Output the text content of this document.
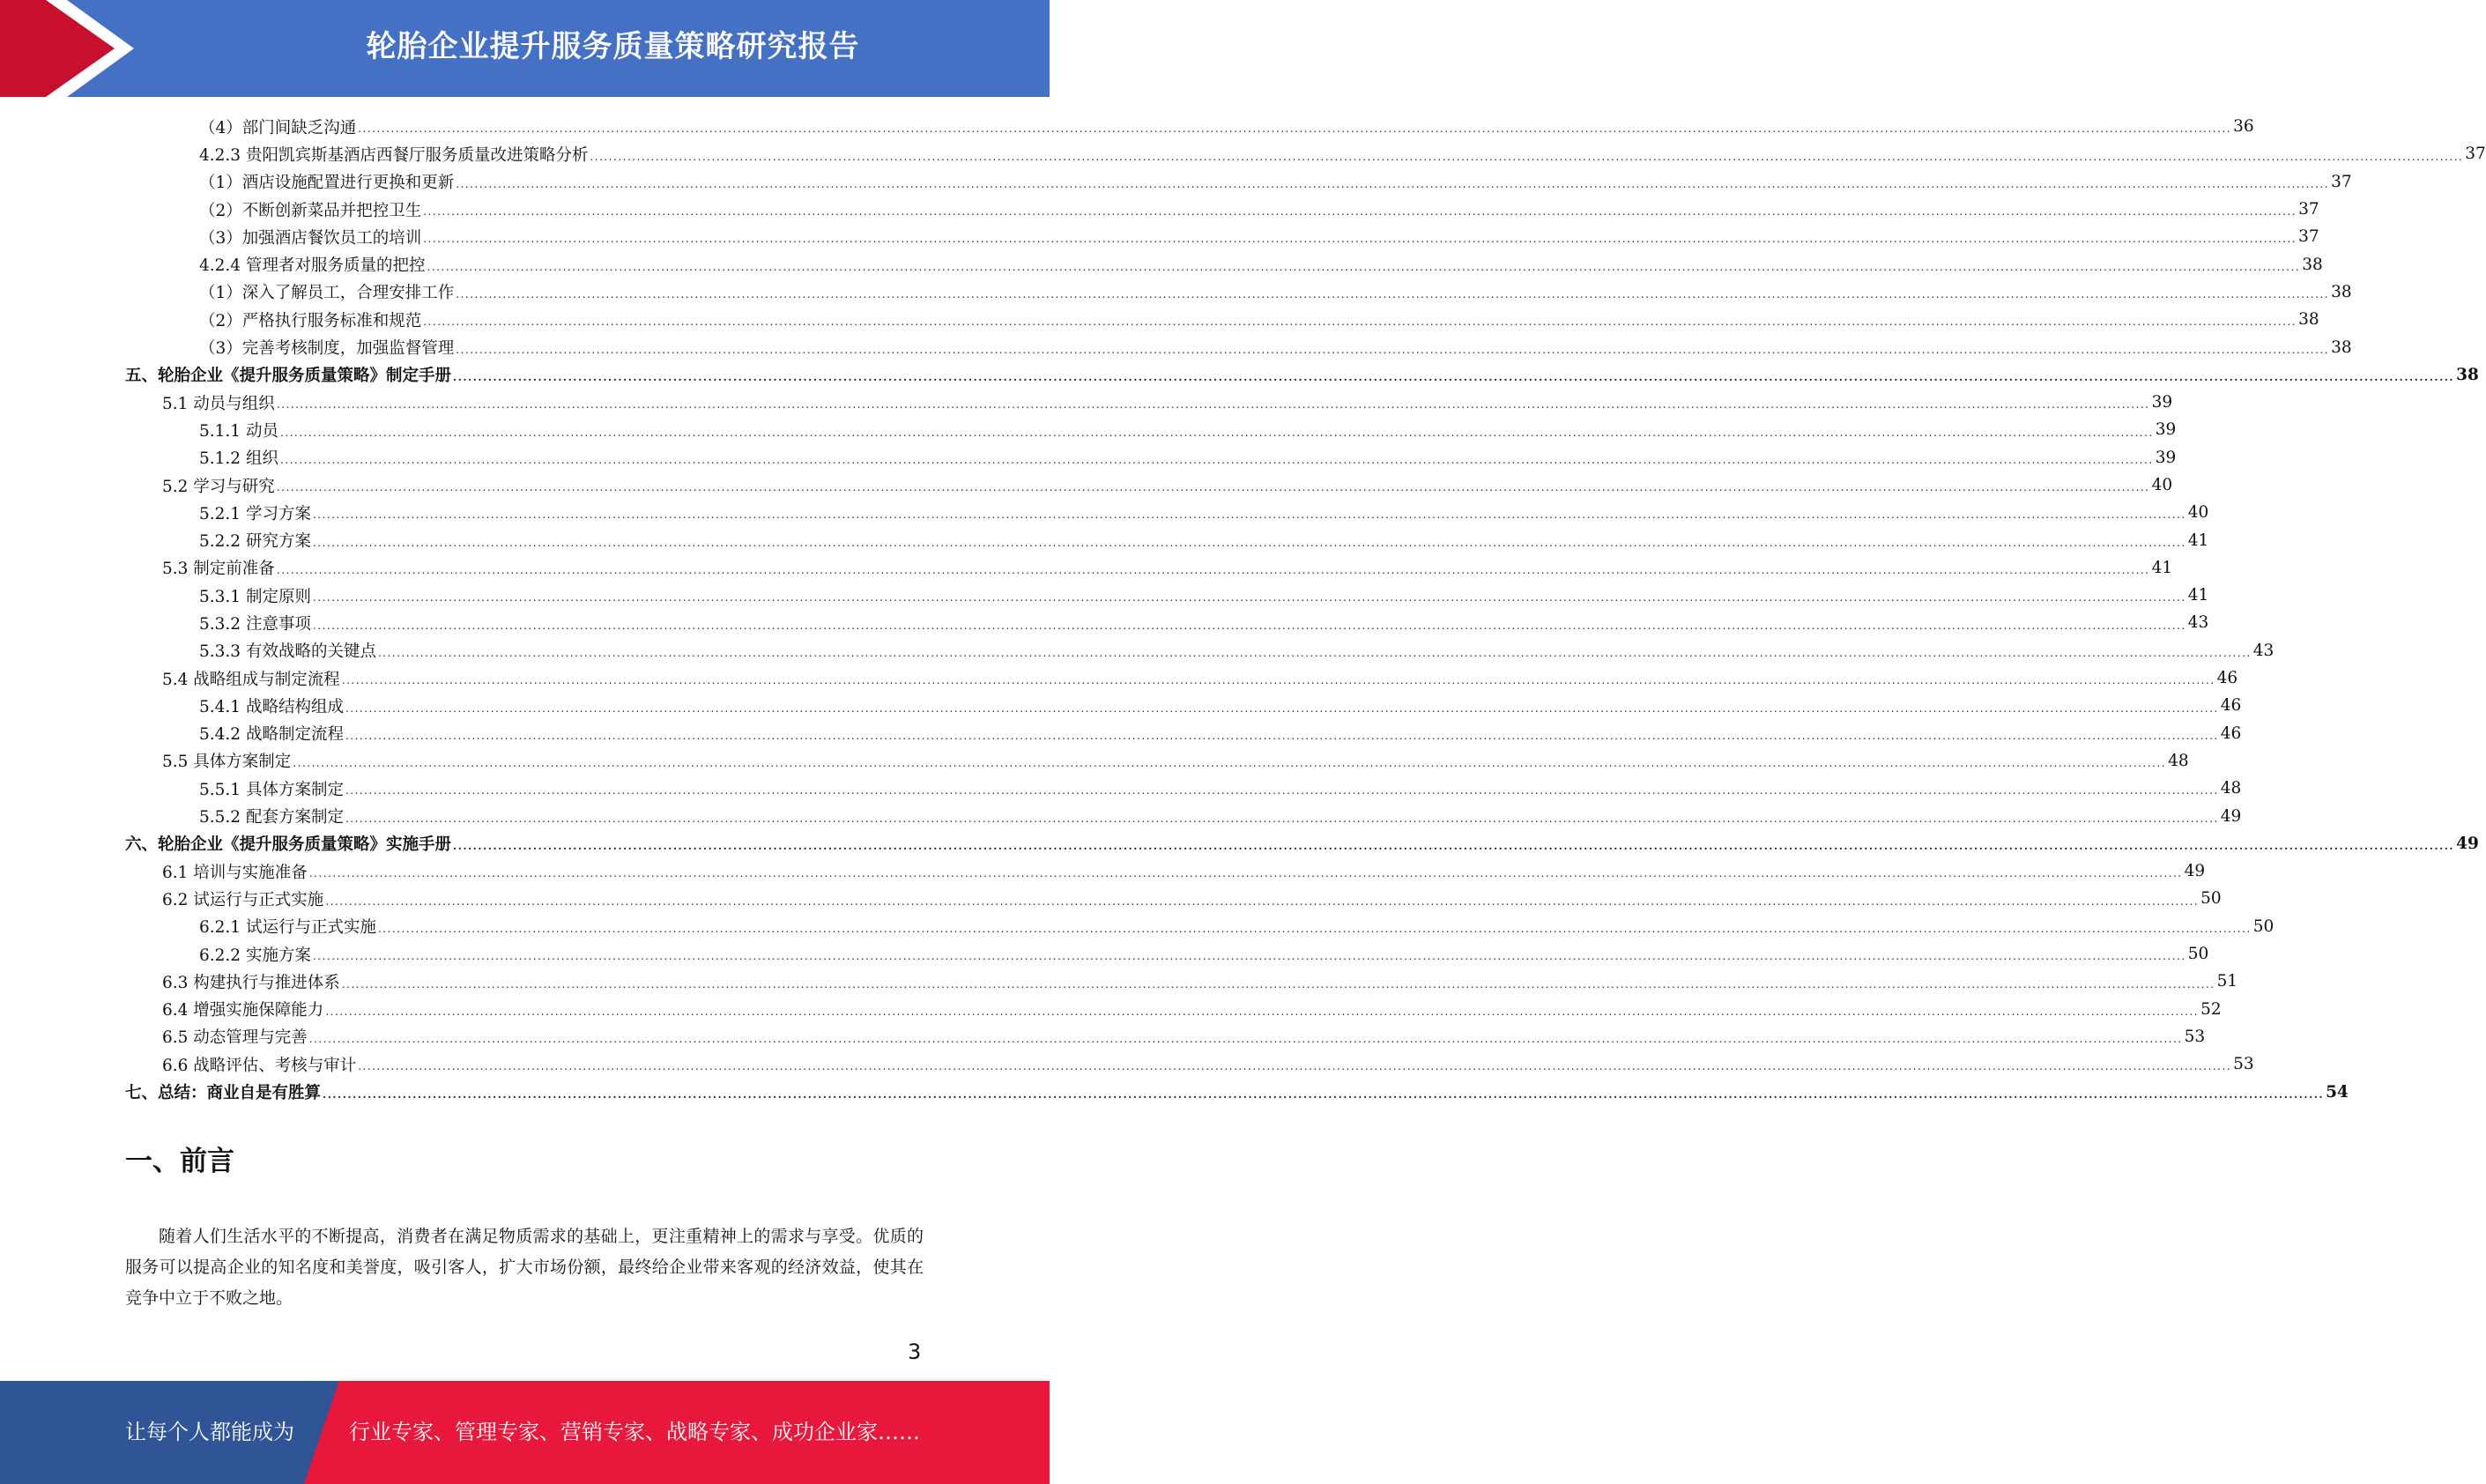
轮胎企业提升服务质量策略研究报告
（4）部门间缺乏沟通 ................................................................................................................................................................................................................................................................................................................................................................................................................ 36
4.2.3 贵阳凯宾斯基酒店西餐厅服务质量改进策略分析 ................................................................................................................................................................................................................................................................................................................................................................................................................ 37
（1）酒店设施配置进行更换和更新 ................................................................................................................................................................................................................................................................................................................................................................................................................ 37
（2）不断创新菜品并把控卫生 ................................................................................................................................................................................................................................................................................................................................................................................................................ 37
（3）加强酒店餐饮员工的培训 ................................................................................................................................................................................................................................................................................................................................................................................................................ 37
4.2.4 管理者对服务质量的把控 ................................................................................................................................................................................................................................................................................................................................................................................................................ 38
（1）深入了解员工，合理安排工作 ................................................................................................................................................................................................................................................................................................................................................................................................................ 38
（2）严格执行服务标准和规范 ................................................................................................................................................................................................................................................................................................................................................................................................................ 38
（3）完善考核制度，加强监督管理 ................................................................................................................................................................................................................................................................................................................................................................................................................ 38
五、轮胎企业《提升服务质量策略》制定手册 ................................................................................................................................................................................................................................................................................................................................................................................................................ 38
5.1 动员与组织 ................................................................................................................................................................................................................................................................................................................................................................................................................ 39
5.1.1 动员 ................................................................................................................................................................................................................................................................................................................................................................................................................ 39
5.1.2 组织 ................................................................................................................................................................................................................................................................................................................................................................................................................ 39
5.2 学习与研究 ................................................................................................................................................................................................................................................................................................................................................................................................................ 40
5.2.1 学习方案 ................................................................................................................................................................................................................................................................................................................................................................................................................ 40
5.2.2 研究方案 ................................................................................................................................................................................................................................................................................................................................................................................................................ 41
5.3 制定前准备 ................................................................................................................................................................................................................................................................................................................................................................................................................ 41
5.3.1 制定原则 ................................................................................................................................................................................................................................................................................................................................................................................................................ 41
5.3.2 注意事项 ................................................................................................................................................................................................................................................................................................................................................................................................................ 43
5.3.3 有效战略的关键点 ................................................................................................................................................................................................................................................................................................................................................................................................................ 43
5.4 战略组成与制定流程 ................................................................................................................................................................................................................................................................................................................................................................................................................ 46
5.4.1 战略结构组成 ................................................................................................................................................................................................................................................................................................................................................................................................................ 46
5.4.2 战略制定流程 ................................................................................................................................................................................................................................................................................................................................................................................................................ 46
5.5 具体方案制定 ................................................................................................................................................................................................................................................................................................................................................................................................................ 48
5.5.1 具体方案制定 ................................................................................................................................................................................................................................................................................................................................................................................................................ 48
5.5.2 配套方案制定 ................................................................................................................................................................................................................................................................................................................................................................................................................ 49
六、轮胎企业《提升服务质量策略》实施手册 ................................................................................................................................................................................................................................................................................................................................................................................................................ 49
6.1 培训与实施准备 ................................................................................................................................................................................................................................................................................................................................................................................................................ 49
6.2 试运行与正式实施 ................................................................................................................................................................................................................................................................................................................................................................................................................ 50
6.2.1 试运行与正式实施 ................................................................................................................................................................................................................................................................................................................................................................................................................ 50
6.2.2 实施方案 ................................................................................................................................................................................................................................................................................................................................................................................................................ 50
6.3 构建执行与推进体系 ................................................................................................................................................................................................................................................................................................................................................................................................................ 51
6.4 增强实施保障能力 ................................................................................................................................................................................................................................................................................................................................................................................................................ 52
6.5 动态管理与完善 ................................................................................................................................................................................................................................................................................................................................................................................................................ 53
6.6 战略评估、考核与审计 ................................................................................................................................................................................................................................................................................................................................................................................................................ 53
七、总结：商业自是有胜算 ................................................................................................................................................................................................................................................................................................................................................................................................................ 54
一、前言
随着人们生活水平的不断提高，消费者在满足物质需求的基础上，更注重精神上的需求与享受。优质的服务可以提高企业的知名度和美誉度，吸引客人，扩大市场份额，最终给企业带来客观的经济效益，使其在竞争中立于不败之地。
3
让每个人都能成为	行业专家、管理专家、营销专家、战略专家、成功企业家……
